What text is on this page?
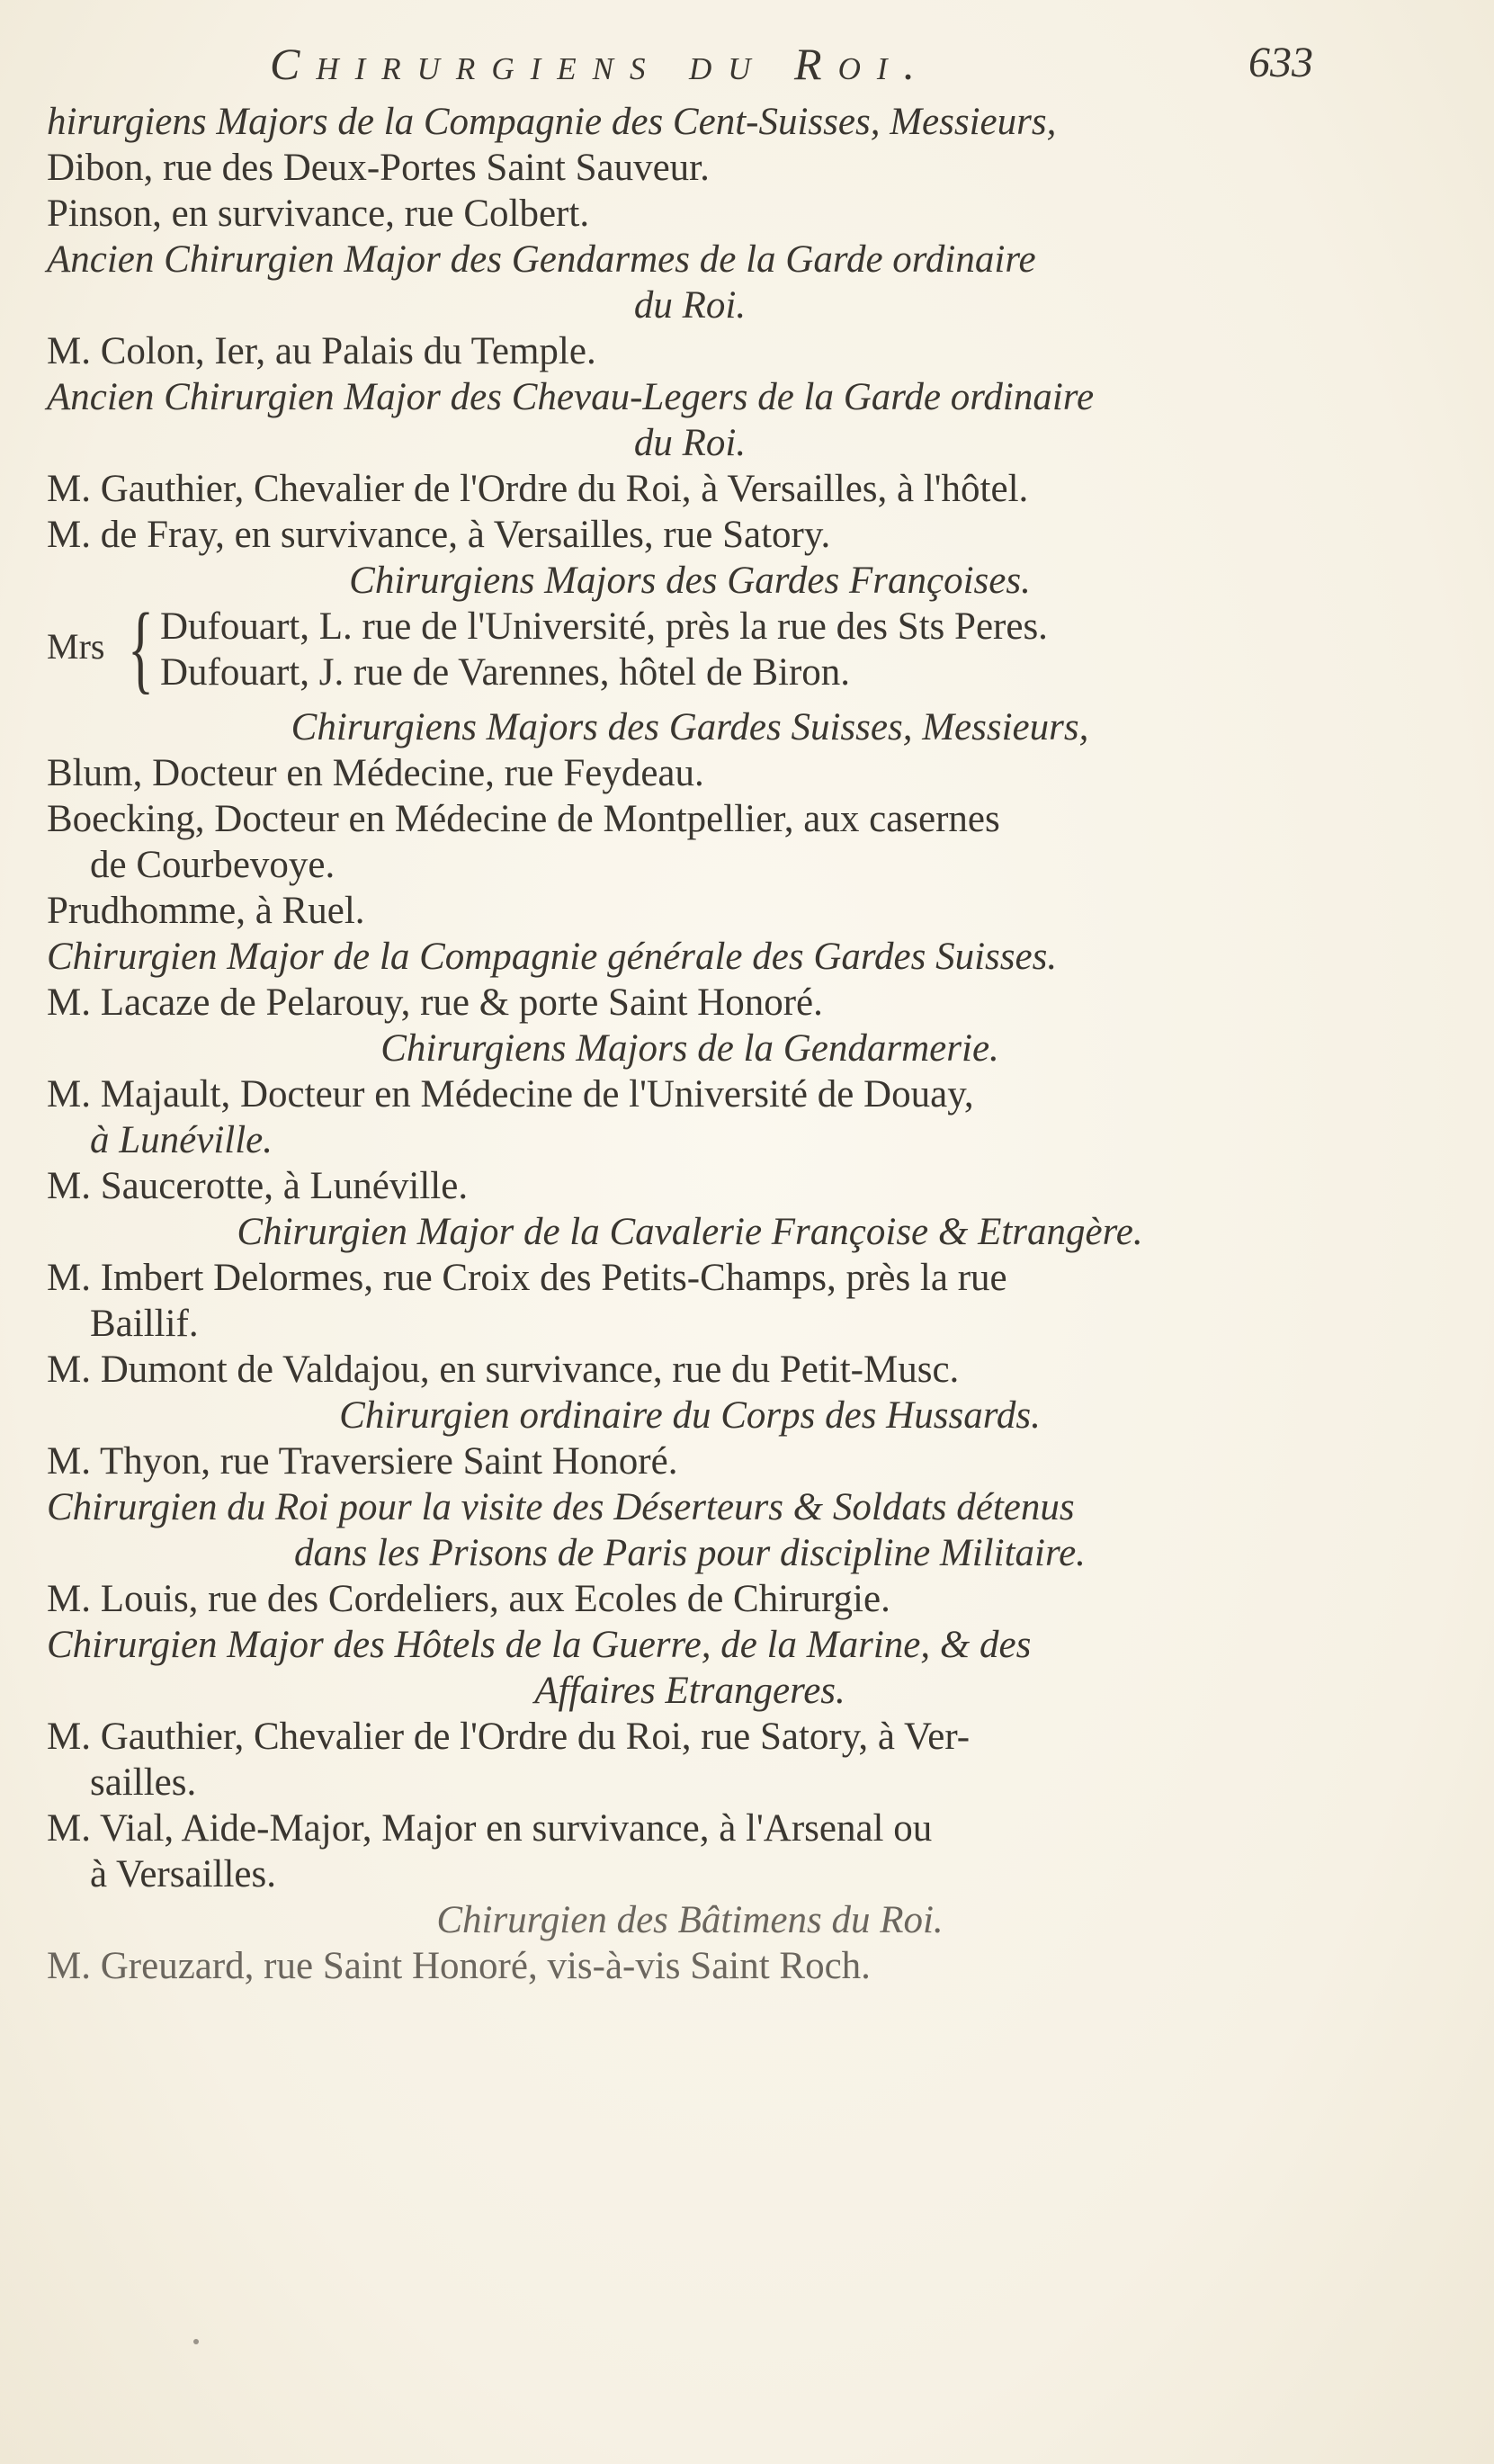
Chirurgiens du Roi.	633
hirurgiens Majors de la Compagnie des Cent-Suisses, Messieurs,
Dibon, rue des Deux-Portes Saint Sauveur.
Pinson, en survivance, rue Colbert.
Ancien Chirurgien Major des Gendarmes de la Garde ordinaire
du Roi.
M. Colon, Ier, au Palais du Temple.
Ancien Chirurgien Major des Chevau-Legers de la Garde ordinaire
du Roi.
M. Gauthier, Chevalier de l'Ordre du Roi, à Versailles, à l'hôtel.
M. de Fray, en survivance, à Versailles, rue Satory.
Chirurgiens Majors des Gardes Françoises.
Mrs { Dufouart, L. rue de l'Université, près la rue des Sts Peres.
Dufouart, J. rue de Varennes, hôtel de Biron.
Chirurgiens Majors des Gardes Suisses, Messieurs,
Blum, Docteur en Médecine, rue Feydeau.
Boecking, Docteur en Médecine de Montpellier, aux casernes
de Courbevoye.
Prudhomme, à Ruel.
Chirurgien Major de la Compagnie générale des Gardes Suisses.
M. Lacaze de Pelarouy, rue & porte Saint Honoré.
Chirurgiens Majors de la Gendarmerie.
M. Majault, Docteur en Médecine de l'Université de Douay,
à Lunéville.
M. Saucerotte, à Lunéville.
Chirurgien Major de la Cavalerie Françoise & Etrangère.
M. Imbert Delormes, rue Croix des Petits-Champs, près la rue
Baillif.
M. Dumont de Valdajou, en survivance, rue du Petit-Musc.
Chirurgien ordinaire du Corps des Hussards.
M. Thyon, rue Traversiere Saint Honoré.
Chirurgien du Roi pour la visite des Déserteurs & Soldats détenus
dans les Prisons de Paris pour discipline Militaire.
M. Louis, rue des Cordeliers, aux Ecoles de Chirurgie.
Chirurgien Major des Hôtels de la Guerre, de la Marine, & des
Affaires Etrangeres.
M. Gauthier, Chevalier de l'Ordre du Roi, rue Satory, à Ver-
sailles.
M. Vial, Aide-Major, Major en survivance, à l'Arsenal ou
à Versailles.
Chirurgien des Bâtimens du Roi.
M. Greuzard, rue Saint Honoré, vis-à-vis Saint Roch.
